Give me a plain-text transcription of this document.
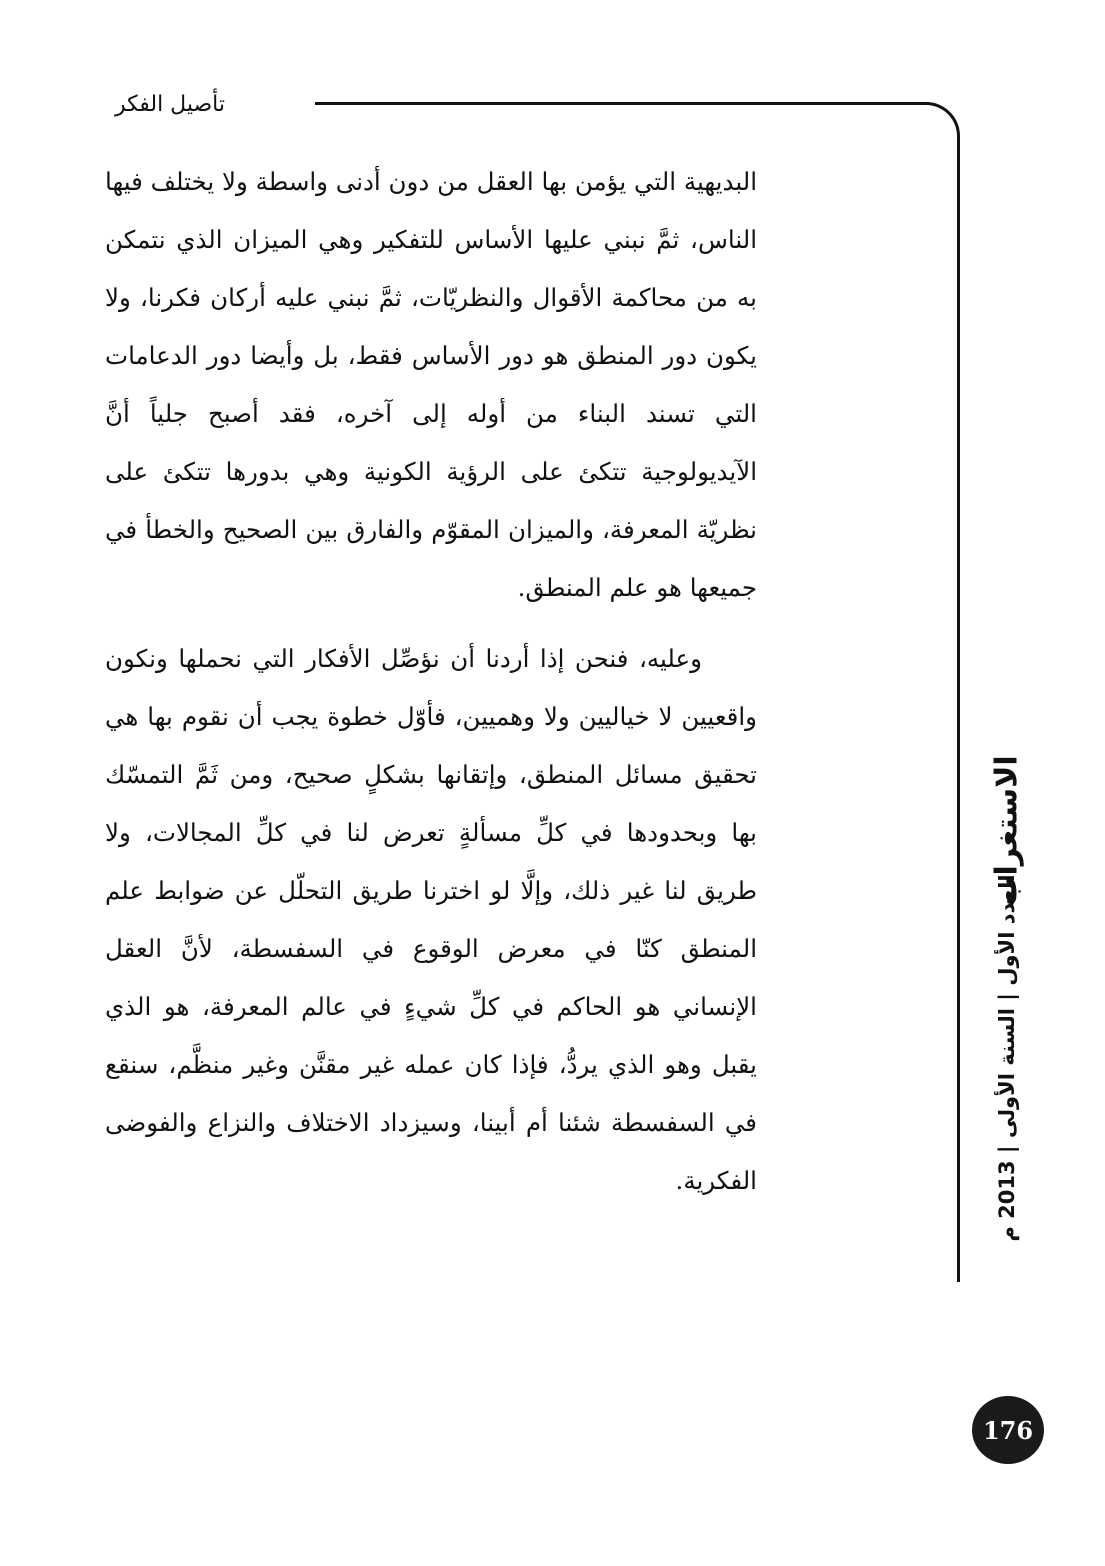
تأصيل الفكر

البديهية التي يؤمن بها العقل من دون أدنى واسطة ولا يختلف فيها الناس، ثمَّ نبني عليها الأساس للتفكير وهي الميزان الذي نتمكن به من محاكمة الأقوال والنظريّات، ثمَّ نبني عليه أركان فكرنا، ولا يكون دور المنطق هو دور الأساس فقط، بل وأيضا دور الدعامات التي تسند البناء من أوله إلى آخره، فقد أصبح جلياً أنَّ الآيديولوجية تتكئ على الرؤية الكونية وهي بدورها تتكئ على نظريّة المعرفة، والميزان المقوّم والفارق بين الصحيح والخطأ في جميعها هو علم المنطق.

وعليه، فنحن إذا أردنا أن نؤصِّل الأفكار التي نحملها ونكون واقعيين لا خياليين ولا وهميين، فأوّل خطوة يجب أن نقوم بها هي تحقيق مسائل المنطق، وإتقانها بشكلٍ صحيح، ومن ثَمَّ التمسّك بها وبحدودها في كلِّ مسألةٍ تعرض لنا في كلِّ المجالات، ولا طريق لنا غير ذلك، وإلَّا لو اخترنا طريق التحلّل عن ضوابط علم المنطق كنّا في معرض الوقوع في السفسطة، لأنَّ العقل الإنساني هو الحاكم في كلِّ شيءٍ في عالم المعرفة، هو الذي يقبل وهو الذي يردُّ، فإذا كان عمله غير مقنَّن وغير منظَّم، سنقع في السفسطة شئنا أم أبينا، وسيزداد الاختلاف والنزاع والفوضى الفكرية.

الاستغراب
العدد الأول | السنة الأولى | 2013 م
176
